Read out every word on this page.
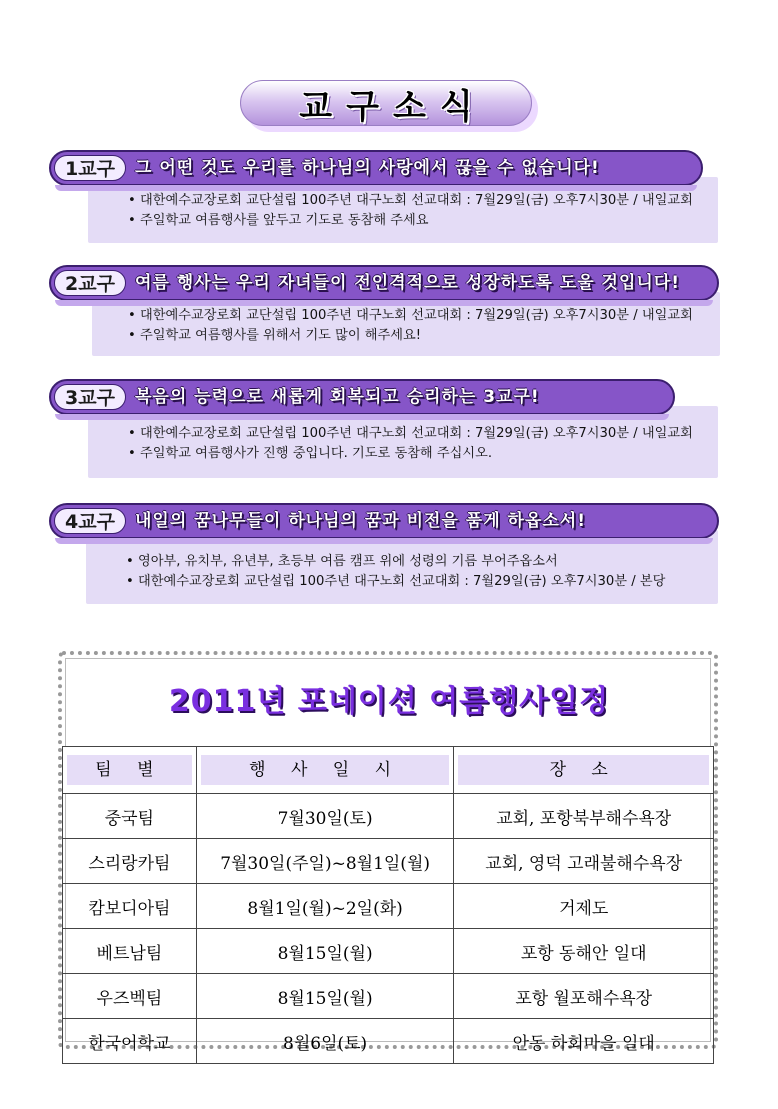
교구소식
• 대한예수교장로회 교단설립 100주년 대구노회 선교대회 : 7월29일(금) 오후7시30분 / 내일교회
• 주일학교 여름행사를 앞두고 기도로 동참해 주세요
1교구	그 어떤 것도 우리를 하나님의 사랑에서 끊을 수 없습니다!
• 대한예수교장로회 교단설립 100주년 대구노회 선교대회 : 7월29일(금) 오후7시30분 / 내일교회
• 주일학교 여름행사를 위해서 기도 많이 해주세요!
2교구	여름 행사는 우리 자녀들이 전인격적으로 성장하도록 도울 것입니다!
• 대한예수교장로회 교단설립 100주년 대구노회 선교대회 : 7월29일(금) 오후7시30분 / 내일교회
• 주일학교 여름행사가 진행 중입니다. 기도로 동참해 주십시오.
3교구	복음의 능력으로 새롭게 회복되고 승리하는 3교구!
• 영아부, 유치부, 유년부, 초등부 여름 캠프 위에 성령의 기름 부어주옵소서
• 대한예수교장로회 교단설립 100주년 대구노회 선교대회 : 7월29일(금) 오후7시30분 / 본당
4교구	내일의 꿈나무들이 하나님의 꿈과 비전을 품게 하옵소서!
2011년 포네이션 여름행사일정
팀 별	행 사 일 시	장 소

중국팀	7월30일(토)	교회, 포항북부해수욕장
스리랑카팀	7월30일(주일)~8월1일(월)	교회, 영덕 고래불해수욕장
캄보디아팀	8월1일(월)~2일(화)	거제도
베트남팀	8월15일(월)	포항 동해안 일대
우즈벡팀	8월15일(월)	포항 월포해수욕장
한국어학교	8월6일(토)	안동 하회마을 일대
